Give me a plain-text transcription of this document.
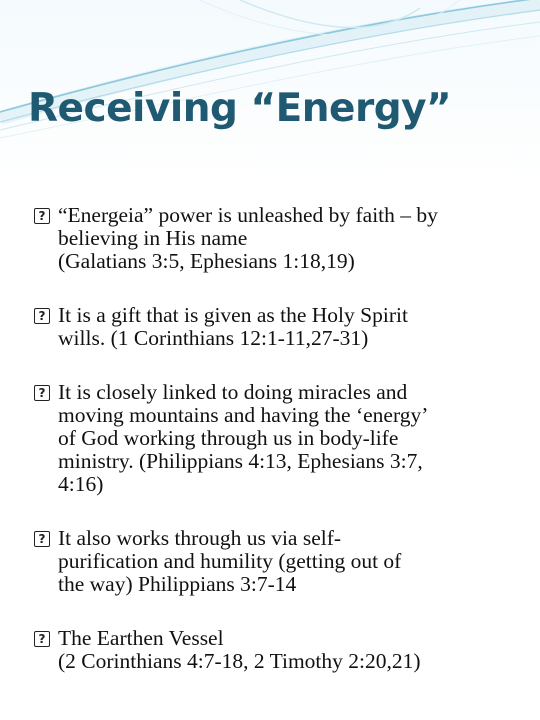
Receiving “Energy”
? “Energeia” power is unleashed by faith – by
believing in His name
(Galatians 3:5, Ephesians 1:18,19)
? It is a gift that is given as the Holy Spirit
wills. (1 Corinthians 12:1-11,27-31)
? It is closely linked to doing miracles and
moving mountains and having the ‘energy’
of God working through us in body-life
ministry. (Philippians 4:13, Ephesians 3:7,
4:16)
? It also works through us via self-
purification and humility (getting out of
the way) Philippians 3:7-14
? The Earthen Vessel
(2 Corinthians 4:7-18, 2 Timothy 2:20,21)
